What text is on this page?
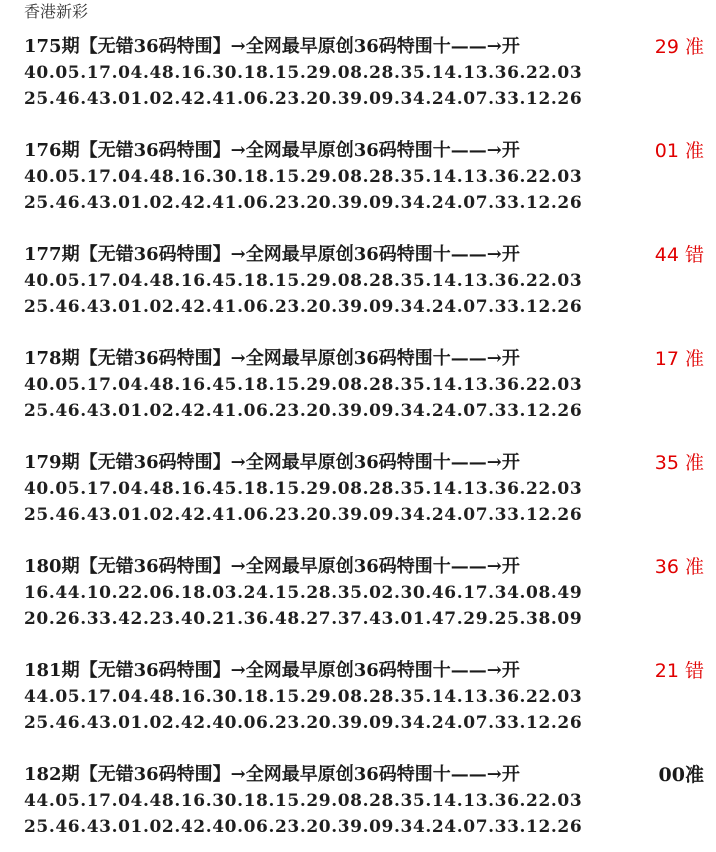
香港新彩
175期【无错36码特围】→全网最早原创36码特围十——→开	29 准
40.05.17.04.48.16.30.18.15.29.08.28.35.14.13.36.22.03
25.46.43.01.02.42.41.06.23.20.39.09.34.24.07.33.12.26
176期【无错36码特围】→全网最早原创36码特围十——→开	01 准
40.05.17.04.48.16.30.18.15.29.08.28.35.14.13.36.22.03
25.46.43.01.02.42.41.06.23.20.39.09.34.24.07.33.12.26
177期【无错36码特围】→全网最早原创36码特围十——→开	44 错
40.05.17.04.48.16.45.18.15.29.08.28.35.14.13.36.22.03
25.46.43.01.02.42.41.06.23.20.39.09.34.24.07.33.12.26
178期【无错36码特围】→全网最早原创36码特围十——→开	17 准
40.05.17.04.48.16.45.18.15.29.08.28.35.14.13.36.22.03
25.46.43.01.02.42.41.06.23.20.39.09.34.24.07.33.12.26
179期【无错36码特围】→全网最早原创36码特围十——→开	35 准
40.05.17.04.48.16.45.18.15.29.08.28.35.14.13.36.22.03
25.46.43.01.02.42.41.06.23.20.39.09.34.24.07.33.12.26
180期【无错36码特围】→全网最早原创36码特围十——→开	36 准
16.44.10.22.06.18.03.24.15.28.35.02.30.46.17.34.08.49
20.26.33.42.23.40.21.36.48.27.37.43.01.47.29.25.38.09
181期【无错36码特围】→全网最早原创36码特围十——→开	21 错
44.05.17.04.48.16.30.18.15.29.08.28.35.14.13.36.22.03
25.46.43.01.02.42.40.06.23.20.39.09.34.24.07.33.12.26
182期【无错36码特围】→全网最早原创36码特围十——→开	00准
44.05.17.04.48.16.30.18.15.29.08.28.35.14.13.36.22.03
25.46.43.01.02.42.40.06.23.20.39.09.34.24.07.33.12.26
